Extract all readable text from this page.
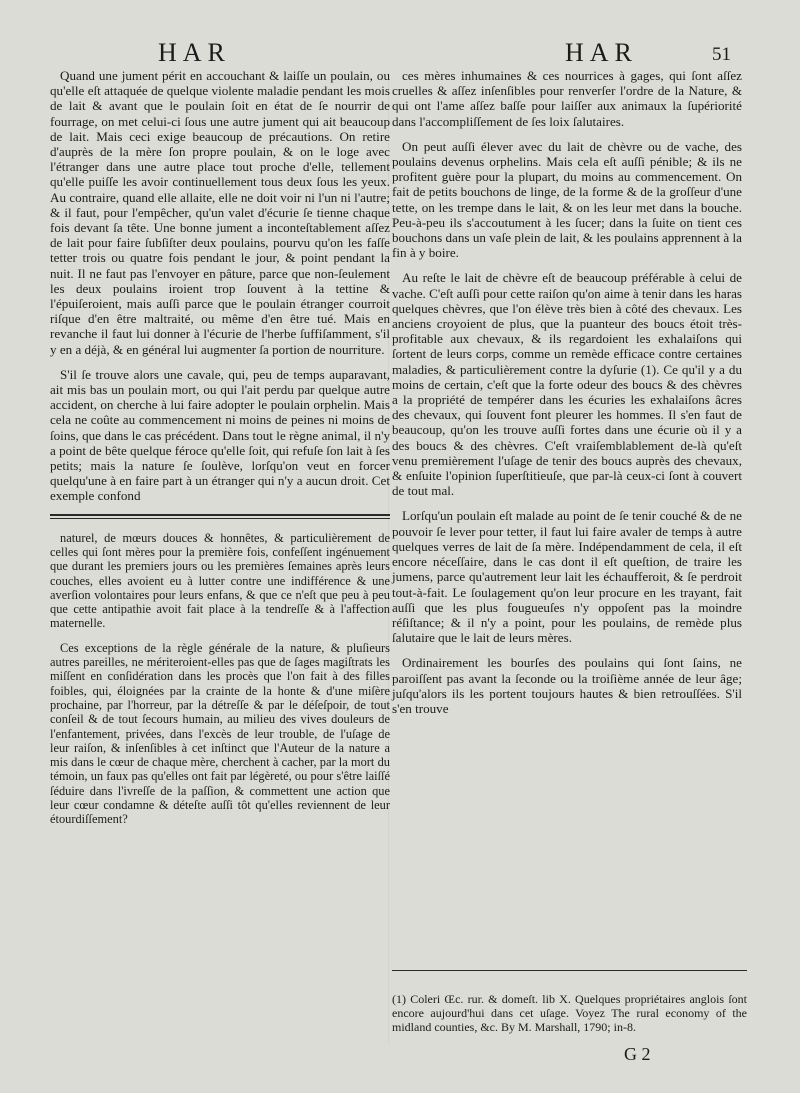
HAR	HAR	51

Quand une jument périt en accouchant & laiſſe un poulain, ou qu'elle eſt attaquée de quelque violente maladie pendant les mois de lait & avant que le poulain ſoit en état de ſe nourrir de fourrage, on met celui-ci ſous une autre jument qui ait beaucoup de lait. Mais ceci exige beaucoup de précautions. On retire d'auprès de la mère ſon propre poulain, & on le loge avec l'étranger dans une autre place tout proche d'elle, tellement qu'elle puiſſe les avoir continuellement tous deux ſous les yeux. Au contraire, quand elle allaite, elle ne doit voir ni l'un ni l'autre; & il faut, pour l'empêcher, qu'un valet d'écurie ſe tienne chaque fois devant ſa tête. Une bonne jument a inconteſtablement aſſez de lait pour faire ſubſiſter deux poulains, pourvu qu'on les faſſe tetter trois ou quatre fois pendant le jour, & point pendant la nuit. Il ne faut pas l'envoyer en pâture, parce que non-ſeulement les deux poulains iroient trop ſouvent à la tettine & l'épuiſeroient, mais auſſi parce que le poulain étranger courroit riſque d'en être maltraité, ou même d'en être tué. Mais en revanche il faut lui donner à l'écurie de l'herbe ſuffiſamment, s'il y en a déjà, & en général lui augmenter ſa portion de nourriture.

S'il ſe trouve alors une cavale, qui, peu de temps auparavant, ait mis bas un poulain mort, ou qui l'ait perdu par quelque autre accident, on cherche à lui faire adopter le poulain orphelin. Mais cela ne coûte au commencement ni moins de peines ni moins de ſoins, que dans le cas précédent. Dans tout le règne animal, il n'y a point de bête quelque féroce qu'elle ſoit, qui refuſe ſon lait à ſes petits; mais la nature ſe ſoulève, lorſqu'on veut en forcer quelqu'une à en faire part à un étranger qui n'y a aucun droit. Cet exemple confond

naturel, de mœurs douces & honnêtes, & particulièrement de celles qui ſont mères pour la première fois, confeſſent ingénuement que durant les premiers jours ou les premières ſemaines après leurs couches, elles avoient eu à lutter contre une indifférence & une averſion volontaires pour leurs enfans, & que ce n'eſt que peu à peu que cette antipathie avoit fait place à la tendreſſe & à l'affection maternelle.

Ces exceptions de la règle générale de la nature, & pluſieurs autres pareilles, ne mériteroient-elles pas que de ſages magiſtrats les miſſent en conſidération dans les procès que l'on fait à des filles foibles, qui, éloignées par la crainte de la honte & d'une miſère prochaine, par l'horreur, par la détreſſe & par le déſeſpoir, de tout conſeil & de tout ſecours humain, au milieu des vives douleurs de l'enfantement, privées, dans l'excès de leur trouble, de l'uſage de leur raiſon, & inſenſibles à cet inſtinct que l'Auteur de la nature a mis dans le cœur de chaque mère, cherchent à cacher, par la mort du témoin, un faux pas qu'elles ont fait par légèreté, ou pour s'être laiſſé ſéduire dans l'ivreſſe de la paſſion, & commettent une action que leur cœur condamne & déteſte auſſi tôt qu'elles reviennent de leur étourdiſſement?

ces mères inhumaines & ces nourrices à gages, qui ſont aſſez cruelles & aſſez inſenſibles pour renverſer l'ordre de la Nature, & qui ont l'ame aſſez baſſe pour laiſſer aux animaux la ſupériorité dans l'accompliſſement de ſes loix ſalutaires.

On peut auſſi élever avec du lait de chèvre ou de vache, des poulains devenus orphelins. Mais cela eſt auſſi pénible; & ils ne profitent guère pour la plupart, du moins au commencement. On fait de petits bouchons de linge, de la forme & de la groſſeur d'une tette, on les trempe dans le lait, & on les leur met dans la bouche. Peu-à-peu ils s'accoutument à les ſucer; dans la ſuite on tient ces bouchons dans un vaſe plein de lait, & les poulains apprennent à la fin à y boire.

Au reſte le lait de chèvre eſt de beaucoup préférable à celui de vache. C'eſt auſſi pour cette raiſon qu'on aime à tenir dans les haras quelques chèvres, que l'on élève très bien à côté des chevaux. Les anciens croyoient de plus, que la puanteur des boucs étoit très-profitable aux chevaux, & ils regardoient les exhalaiſons qui ſortent de leurs corps, comme un remède efficace contre certaines maladies, & particulièrement contre la dyſurie (1). Ce qu'il y a du moins de certain, c'eſt que la forte odeur des boucs & des chèvres a la propriété de tempérer dans les écuries les exhalaiſons âcres des chevaux, qui ſouvent font pleurer les hommes. Il s'en faut de beaucoup, qu'on les trouve auſſi fortes dans une écurie où il y a des boucs & des chèvres. C'eſt vraiſemblablement de-là qu'eſt venu premièrement l'uſage de tenir des boucs auprès des chevaux, & enſuite l'opinion ſuperſtitieuſe, que par-là ceux-ci ſont à couvert de tout mal.

Lorſqu'un poulain eſt malade au point de ſe tenir couché & de ne pouvoir ſe lever pour tetter, il faut lui faire avaler de temps à autre quelques verres de lait de ſa mère. Indépendamment de cela, il eſt encore néceſſaire, dans le cas dont il eſt queſtion, de traire les jumens, parce qu'autrement leur lait les échaufferoit, & ſe perdroit tout-à-fait. Le ſoulagement qu'on leur procure en les trayant, fait auſſi que les plus fougueuſes n'y oppoſent pas la moindre réſiſtance; & il n'y a point, pour les poulains, de remède plus ſalutaire que le lait de leurs mères.

Ordinairement les bourſes des poulains qui ſont ſains, ne paroiſſent pas avant la ſeconde ou la troiſième année de leur âge; juſqu'alors ils les portent toujours hautes & bien retrouſſées. S'il s'en trouve

(1) Coleri Œc. rur. & domeſt. lib X. Quelques propriétaires anglois ſont encore aujourd'hui dans cet uſage. Voyez The rural economy of the midland counties, &c. By M. Marshall, 1790; in-8.
G 2
